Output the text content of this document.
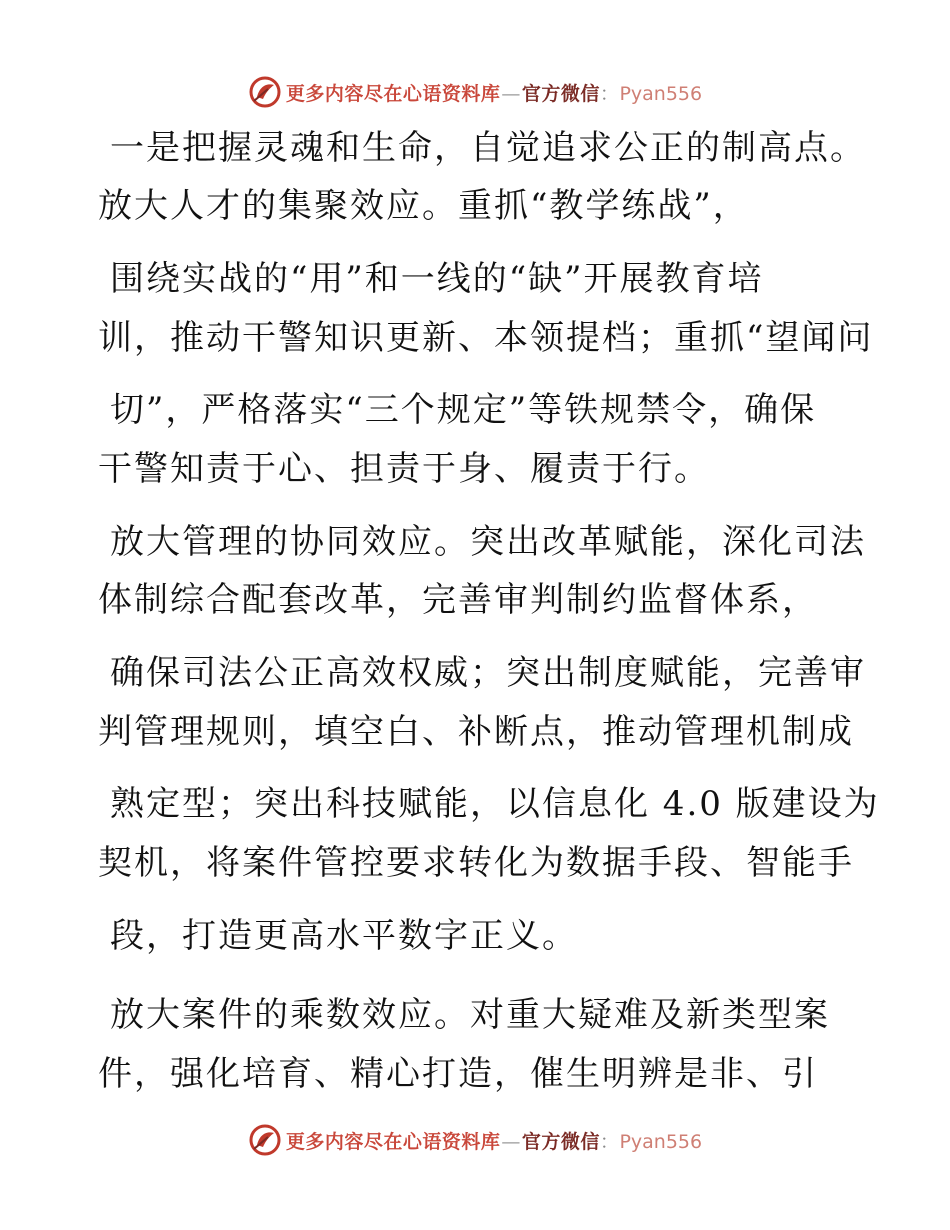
更多内容尽在心语资料库—官方微信：Pyan556
一是把握灵魂和生命，自觉追求公正的制高点。
放大人才的集聚效应。重抓“教学练战”，
围绕实战的“用”和一线的“缺”开展教育培
训，推动干警知识更新、本领提档；重抓“望闻问
切”，严格落实“三个规定”等铁规禁令，确保
干警知责于心、担责于身、履责于行。
放大管理的协同效应。突出改革赋能，深化司法
体制综合配套改革，完善审判制约监督体系，
确保司法公正高效权威；突出制度赋能，完善审
判管理规则，填空白、补断点，推动管理机制成
熟定型；突出科技赋能，以信息化 4.0 版建设为
契机，将案件管控要求转化为数据手段、智能手
段，打造更高水平数字正义。
放大案件的乘数效应。对重大疑难及新类型案
件，强化培育、精心打造，催生明辨是非、引
更多内容尽在心语资料库—官方微信：Pyan556
